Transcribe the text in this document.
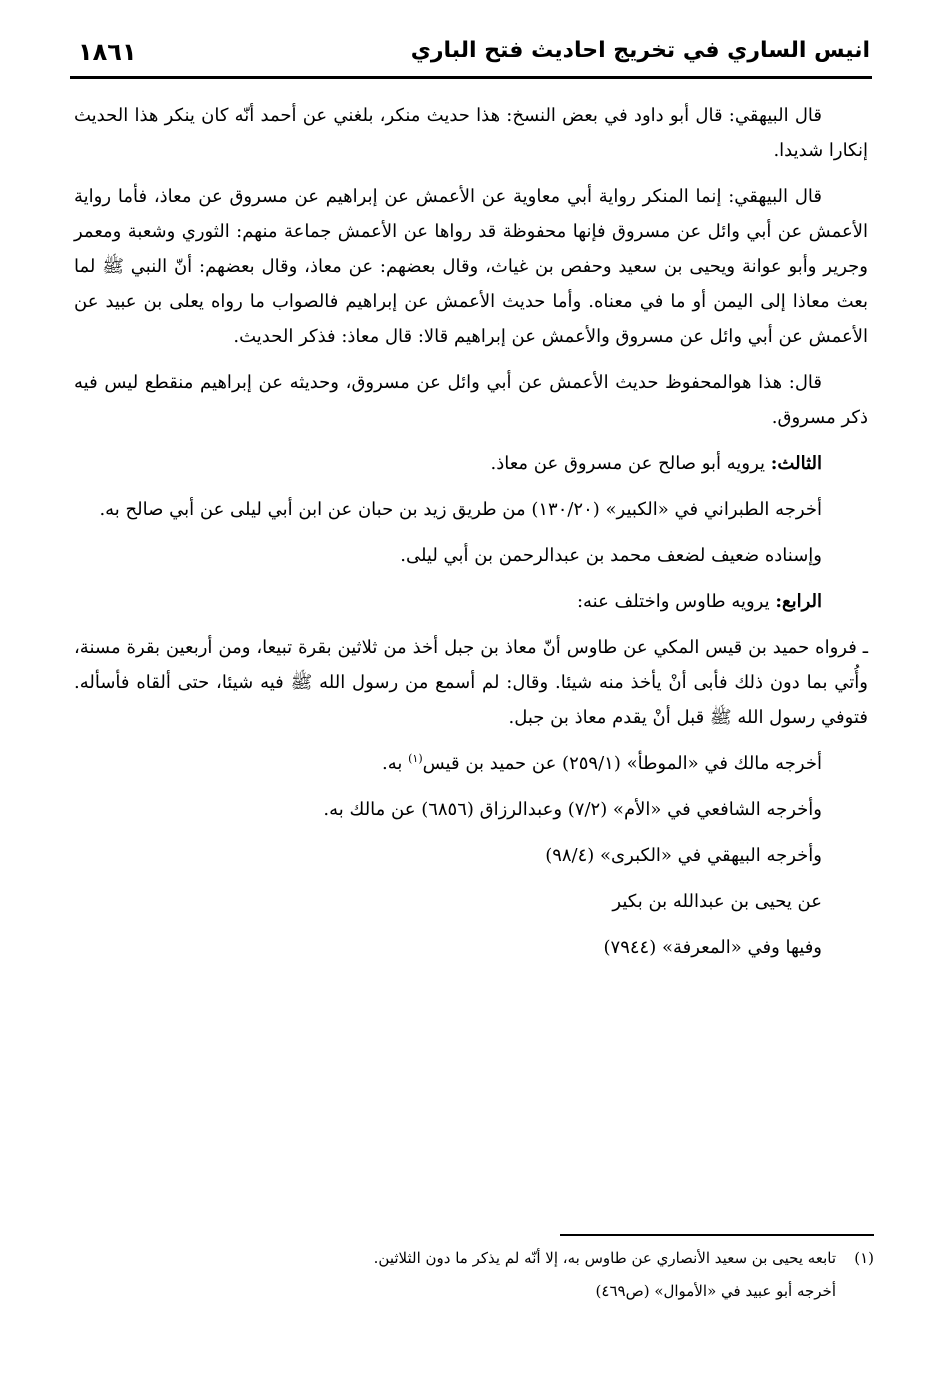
انيس الساري في تخريج احاديث فتح الباري
١٨٦١

قال البيهقي: قال أبو داود في بعض النسخ: هذا حديث منكر، بلغني عن أحمد أنّه كان ينكر هذا الحديث إنكارا شديدا.

قال البيهقي: إنما المنكر رواية أبي معاوية عن الأعمش عن إبراهيم عن مسروق عن معاذ، فأما رواية الأعمش عن أبي وائل عن مسروق فإنها محفوظة قد رواها عن الأعمش جماعة منهم: الثوري وشعبة ومعمر وجرير وأبو عوانة ويحيى بن سعيد وحفص بن غياث، وقال بعضهم: عن معاذ، وقال بعضهم: أنّ النبي ﷺ لما بعث معاذا إلى اليمن أو ما في معناه. وأما حديث الأعمش عن إبراهيم فالصواب ما رواه يعلى بن عبيد عن الأعمش عن أبي وائل عن مسروق والأعمش عن إبراهيم قالا: قال معاذ: فذكر الحديث.

قال: هذا هوالمحفوظ حديث الأعمش عن أبي وائل عن مسروق، وحديثه عن إبراهيم منقطع ليس فيه ذكر مسروق.

الثالث: يرويه أبو صالح عن مسروق عن معاذ.

أخرجه الطبراني في «الكبير» (١٣٠/٢٠) من طريق زيد بن حبان عن ابن أبي ليلى عن أبي صالح به.

وإسناده ضعيف لضعف محمد بن عبدالرحمن بن أبي ليلى.

الرابع: يرويه طاوس واختلف عنه:

ـ فرواه حميد بن قيس المكي عن طاوس أنّ معاذ بن جبل أخذ من ثلاثين بقرة تبيعا، ومن أربعين بقرة مسنة، وأُتي بما دون ذلك فأبى أنْ يأخذ منه شيئا. وقال: لم أسمع من رسول الله ﷺ فيه شيئا، حتى ألقاه فأسأله. فتوفي رسول الله ﷺ قبل أنْ يقدم معاذ بن جبل.

أخرجه مالك في «الموطأ» (٢٥٩/١) عن حميد بن قيس$^{(١)}$ به.

وأخرجه الشافعي في «الأم» (٧/٢) وعبدالرزاق (٦٨٥٦) عن مالك به.

وأخرجه البيهقي في «الكبرى» (٩٨/٤)

عن يحيى بن عبدالله بن بكير

وفيها وفي «المعرفة» (٧٩٤٤)

(١)تابعه يحيى بن سعيد الأنصاري عن طاوس به، إلا أنّه لم يذكر ما دون الثلاثين.
أخرجه أبو عبيد في «الأموال» (ص٤٦٩)
